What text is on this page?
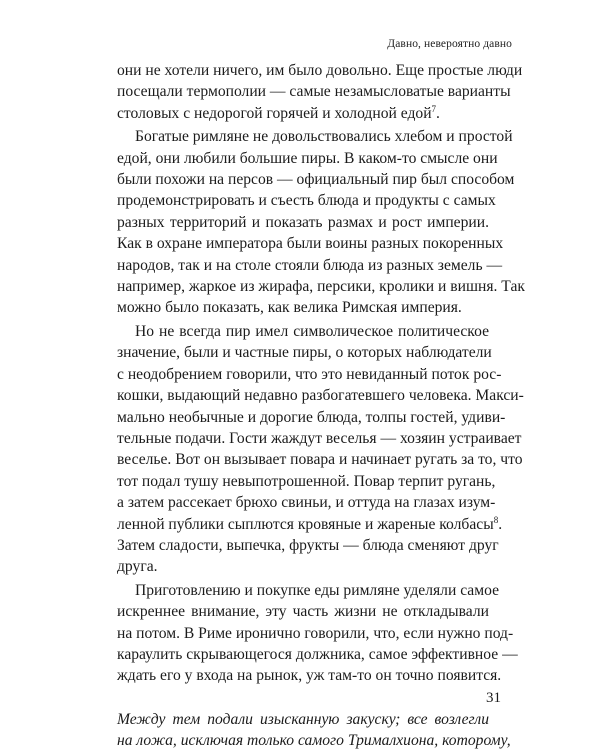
Давно, невероятно давно
они не хотели ничего, им было довольно. Еще простые люди
посещали термополии — самые незамысловатые варианты
столовых с недорогой горячей и холодной едой$^7$.
Богатые римляне не довольствовались хлебом и простой
едой, они любили большие пиры. В каком-то смысле они
были похожи на персов — официальный пир был способом
продемонстрировать и съесть блюда и продукты с самых
разных территорий и показать размах и рост империи.
Как в охране императора были воины разных покоренных
народов, так и на столе стояли блюда из разных земель —
например, жаркое из жирафа, персики, кролики и вишня. Так
можно было показать, как велика Римская империя.
Но не всегда пир имел символическое политическое
значение, были и частные пиры, о которых наблюдатели
с неодобрением говорили, что это невиданный поток рос-
кошки, выдающий недавно разбогатевшего человека. Макси-
мально необычные и дорогие блюда, толпы гостей, удиви-
тельные подачи. Гости жаждут веселья — хозяин устраивает
веселье. Вот он вызывает повара и начинает ругать за то, что
тот подал тушу невыпотрошенной. Повар терпит ругань,
а затем рассекает брюхо свиньи, и оттуда на глазах изум-
ленной публики сыплются кровяные и жареные колбасы$^8$.
Затем сладости, выпечка, фрукты — блюда сменяют друг
друга.
Приготовлению и покупке еды римляне уделяли самое
искреннее внимание, эту часть жизни не откладывали
на потом. В Риме иронично говорили, что, если нужно под-
караулить скрывающегося должника, самое эффективное —
ждать его у входа на рынок, уж там-то он точно появится.
Между тем подали изысканную закуску; все возлегли
на ложа, исключая только самого Трималхиона, которому,
31
